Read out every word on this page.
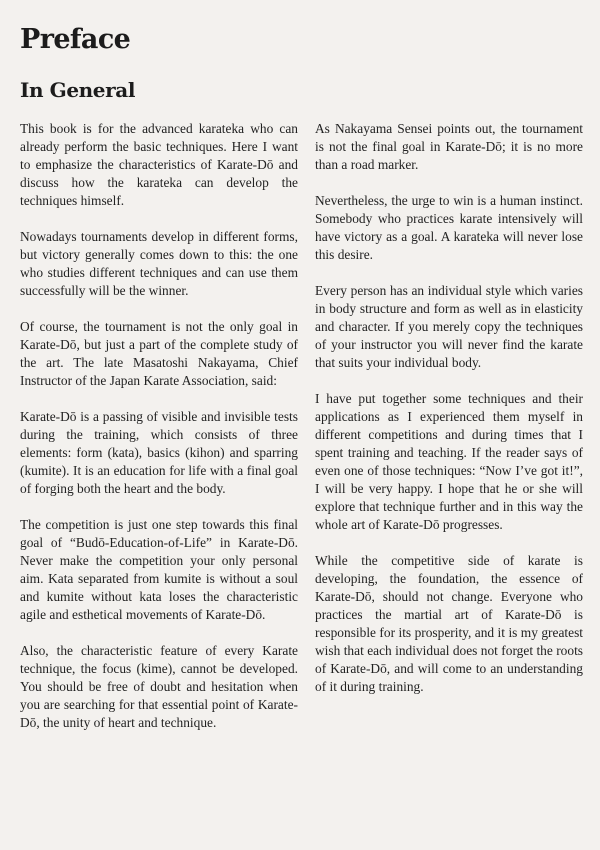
Preface
In General

This book is for the advanced karateka who can already perform the basic techniques. Here I want to emphasize the characteristics of Karate-Dō and discuss how the karateka can develop the techniques himself.

Nowadays tournaments develop in different forms, but victory generally comes down to this: the one who studies different techniques and can use them successfully will be the winner.

Of course, the tournament is not the only goal in Karate-Dō, but just a part of the complete study of the art. The late Masatoshi Nakayama, Chief Instructor of the Japan Karate Association, said:

Karate-Dō is a passing of visible and invisible tests during the training, which consists of three elements: form (kata), basics (kihon) and sparring (kumite). It is an education for life with a final goal of forging both the heart and the body.

The competition is just one step towards this final goal of “Budō-Education-of-Life” in Karate-Dō. Never make the competition your only personal aim. Kata separated from kumite is without a soul and kumite without kata loses the characteristic agile and esthetical movements of Karate-Dō.

Also, the characteristic feature of every Karate technique, the focus (kime), cannot be developed. You should be free of doubt and hesitation when you are searching for that essential point of Karate-Dō, the unity of heart and technique.

As Nakayama Sensei points out, the tournament is not the final goal in Karate-Dō; it is no more than a road marker.

Nevertheless, the urge to win is a human instinct. Somebody who practices karate intensively will have victory as a goal. A karateka will never lose this desire.

Every person has an individual style which varies in body structure and form as well as in elasticity and character. If you merely copy the techniques of your instructor you will never find the karate that suits your individual body.

I have put together some techniques and their applications as I experienced them myself in different competitions and during times that I spent training and teaching. If the reader says of even one of those techniques: “Now I’ve got it!”, I will be very happy. I hope that he or she will explore that technique further and in this way the whole art of Karate-Dō progresses.

While the competitive side of karate is developing, the foundation, the essence of Karate-Dō, should not change. Everyone who practices the martial art of Karate-Dō is responsible for its prosperity, and it is my greatest wish that each individual does not forget the roots of Karate-Dō, and will come to an understanding of it during training.
